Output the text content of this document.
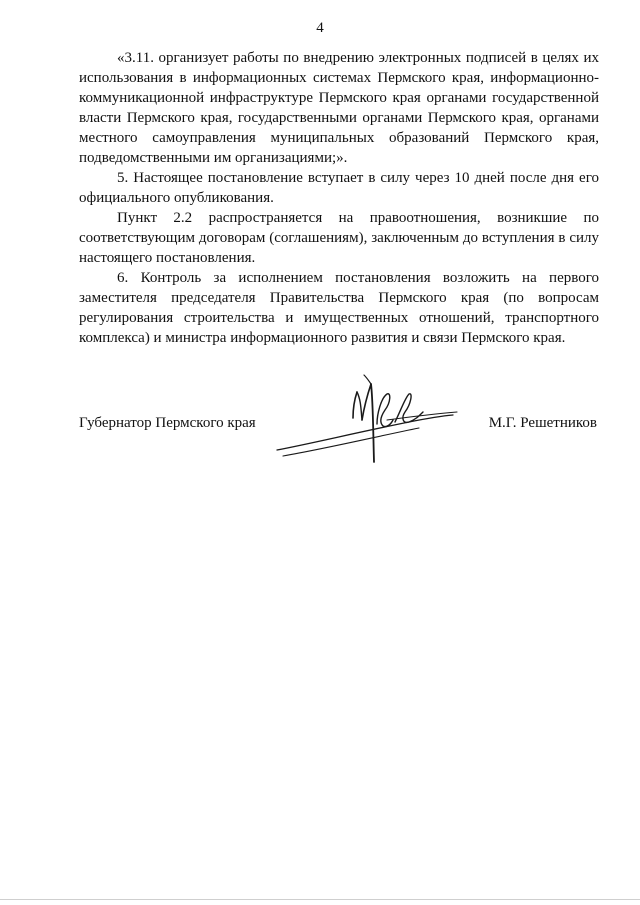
4

«3.11. организует работы по внедрению электронных подписей в целях их использования в информационных системах Пермского края, информационно-коммуникационной инфраструктуре Пермского края органами государственной власти Пермского края, государственными органами Пермского края, органами местного самоуправления муниципальных образований Пермского края, подведомственными им организациями;».

5. Настоящее постановление вступает в силу через 10 дней после дня его официального опубликования.

Пункт 2.2 распространяется на правоотношения, возникшие по соответствующим договорам (соглашениям), заключенным до вступления в силу настоящего постановления.

6. Контроль за исполнением постановления возложить на первого заместителя председателя Правительства Пермского края (по вопросам регулирования строительства и имущественных отношений, транспортного комплекса) и министра информационного развития и связи Пермского края.

Губернатор Пермского края	М.Г. Решетников
